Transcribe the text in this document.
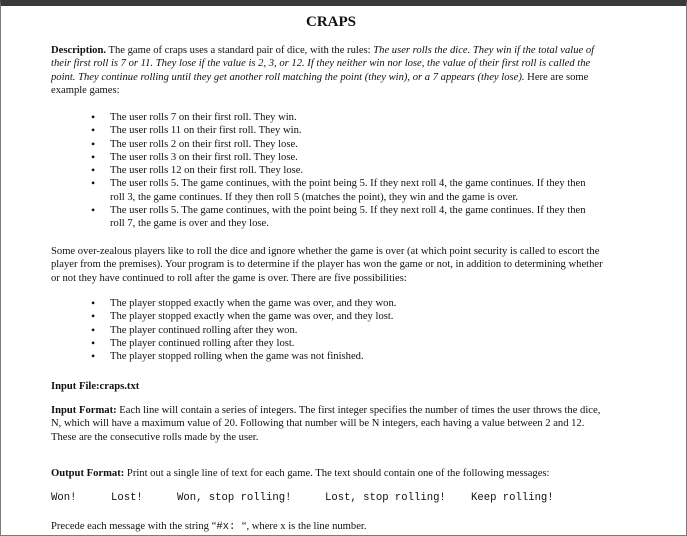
CRAPS

Description. The game of craps uses a standard pair of dice, with the rules: The user rolls the dice. They win if the total value of their first roll is 7 or 11. They lose if the value is 2, 3, or 12. If they neither win nor lose, the value of their first roll is called the point. They continue rolling until they get another roll matching the point (they win), or a 7 appears (they lose). Here are some example games:

• The user rolls 7 on their first roll. They win.
• The user rolls 11 on their first roll. They win.
• The user rolls 2 on their first roll. They lose.
• The user rolls 3 on their first roll. They lose.
• The user rolls 12 on their first roll. They lose.
• The user rolls 5. The game continues, with the point being 5. If they next roll 4, the game continues. If they then roll 3, the game continues. If they then roll 5 (matches the point), they win and the game is over.
• The user rolls 5. The game continues, with the point being 5. If they next roll 4, the game continues. If they then roll 7, the game is over and they lose.

Some over-zealous players like to roll the dice and ignore whether the game is over (at which point security is called to escort the player from the premises). Your program is to determine if the player has won the game or not, in addition to determining whether or not they have continued to roll after the game is over. There are five possibilities:

• The player stopped exactly when the game was over, and they won.
• The player stopped exactly when the game was over, and they lost.
• The player continued rolling after they won.
• The player continued rolling after they lost.
• The player stopped rolling when the game was not finished.
Input File:craps.txt

Input Format: Each line will contain a series of integers. The first integer specifies the number of times the user throws the dice, N, which will have a maximum value of 20. Following that number will be N integers, each having a value between 2 and 12. These are the consecutive rolls made by the user.

Output Format: Print out a single line of text for each game. The text should contain one of the following messages:

Won!	Lost!	Won, stop rolling!	Lost, stop rolling! Keep rolling!
Precede each message with the string “#x: “, where x is the line number.
